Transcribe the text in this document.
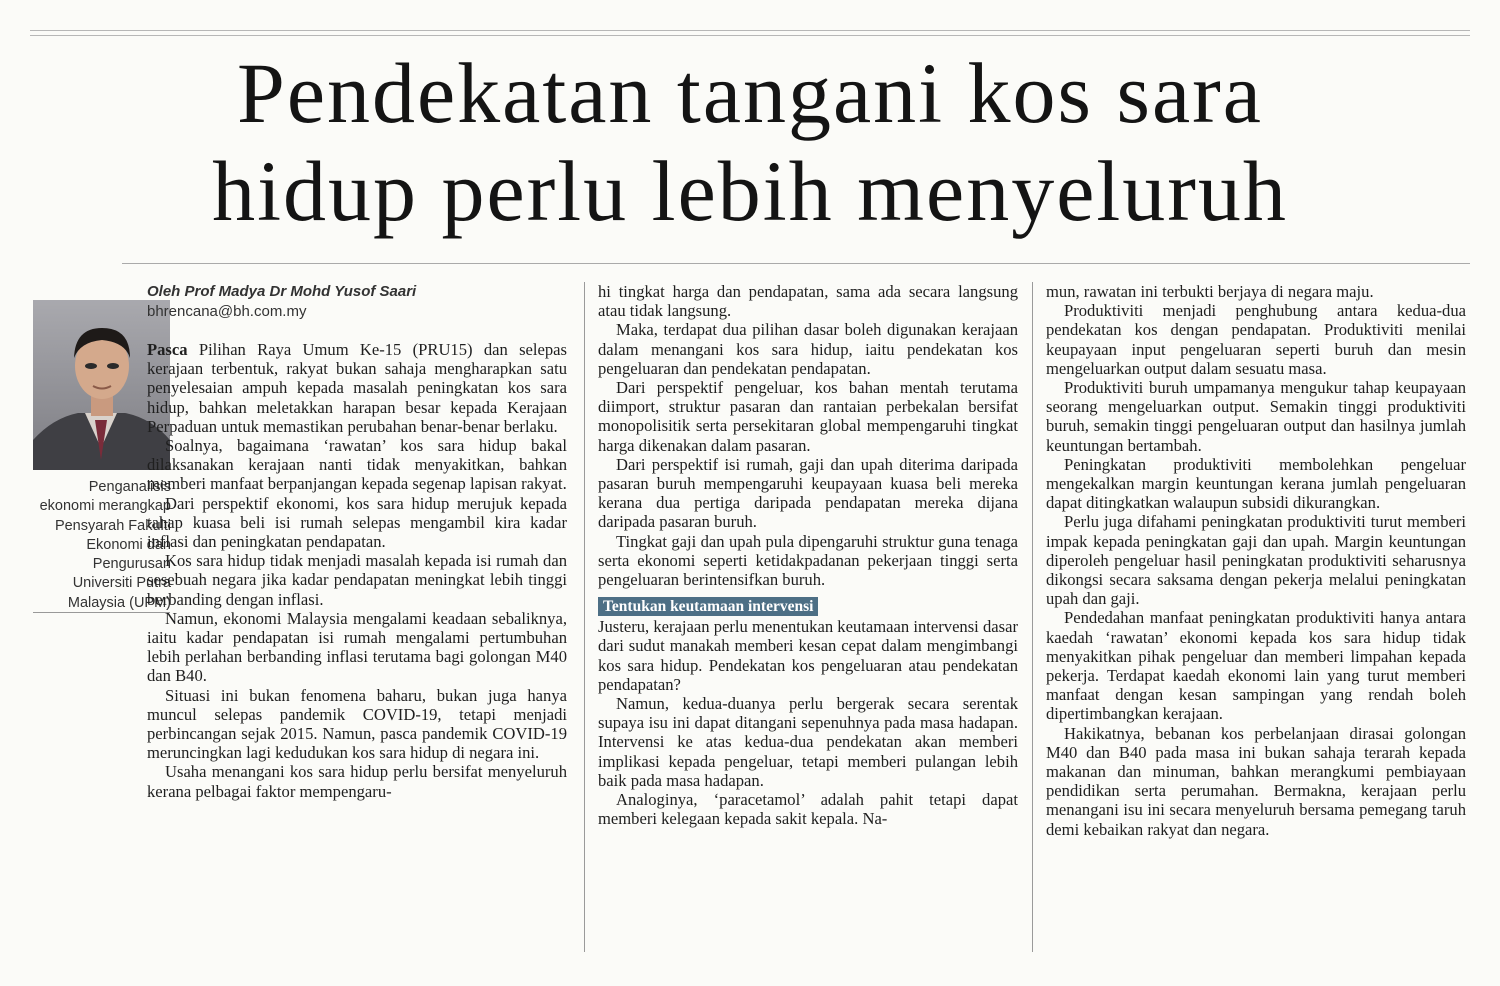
Pendekatan tangani kos sara
hidup perlu lebih menyeluruh
Penganalisis
ekonomi merangkap
Pensyarah Fakulti
Ekonomi dan
Pengurusan
Universiti Putra
Malaysia (UPM)
Oleh Prof Madya Dr Mohd Yusof Saari
bhrencana@bh.com.my

Pasca Pilihan Raya Umum Ke-15 (PRU15) dan selepas kerajaan terbentuk, rakyat bukan sahaja mengharapkan satu penyelesaian ampuh kepada masalah peningkatan kos sara hidup, bahkan meletakkan harapan besar kepada Kerajaan Perpaduan untuk memastikan perubahan benar-benar berlaku.

Soalnya, bagaimana ‘rawatan’ kos sara hidup bakal dilaksanakan kerajaan nanti tidak menyakitkan, bahkan memberi manfaat berpanjangan kepada segenap lapisan rakyat.

Dari perspektif ekonomi, kos sara hidup merujuk kepada tahap kuasa beli isi rumah selepas mengambil kira kadar inflasi dan peningkatan pendapatan.

Kos sara hidup tidak menjadi masalah kepada isi rumah dan sesebuah negara jika kadar pendapatan meningkat lebih tinggi berbanding dengan inflasi.

Namun, ekonomi Malaysia mengalami keadaan sebaliknya, iaitu kadar pendapatan isi rumah mengalami pertumbuhan lebih perlahan berbanding inflasi terutama bagi golongan M40 dan B40.

Situasi ini bukan fenomena baharu, bukan juga hanya muncul selepas pandemik COVID-19, tetapi menjadi perbincangan sejak 2015. Namun, pasca pandemik COVID-19 meruncingkan lagi kedudukan kos sara hidup di negara ini.

Usaha menangani kos sara hidup perlu bersifat menyeluruh kerana pelbagai faktor mempengaru-

hi tingkat harga dan pendapatan, sama ada secara langsung atau tidak langsung.

Maka, terdapat dua pilihan dasar boleh digunakan kerajaan dalam menangani kos sara hidup, iaitu pendekatan kos pengeluaran dan pendekatan pendapatan.

Dari perspektif pengeluar, kos bahan mentah terutama diimport, struktur pasaran dan rantaian perbekalan bersifat monopolisitik serta persekitaran global mempengaruhi tingkat harga dikenakan dalam pasaran.

Dari perspektif isi rumah, gaji dan upah diterima daripada pasaran buruh mempengaruhi keupayaan kuasa beli mereka kerana dua pertiga daripada pendapatan mereka dijana daripada pasaran buruh.

Tingkat gaji dan upah pula dipengaruhi struktur guna tenaga serta ekonomi seperti ketidakpadanan pekerjaan tinggi serta pengeluaran berintensifkan buruh.

Tentukan keutamaan intervensi

Justeru, kerajaan perlu menentukan keutamaan intervensi dasar dari sudut manakah memberi kesan cepat dalam mengimbangi kos sara hidup. Pendekatan kos pengeluaran atau pendekatan pendapatan?

Namun, kedua-duanya perlu bergerak secara serentak supaya isu ini dapat ditangani sepenuhnya pada masa hadapan. Intervensi ke atas kedua-dua pendekatan akan memberi implikasi kepada pengeluar, tetapi memberi pulangan lebih baik pada masa hadapan.

Analoginya, ‘paracetamol’ adalah pahit tetapi dapat memberi kelegaan kepada sakit kepala. Na-

mun, rawatan ini terbukti berjaya di negara maju.

Produktiviti menjadi penghubung antara kedua-dua pendekatan kos dengan pendapatan. Produktiviti menilai keupayaan input pengeluaran seperti buruh dan mesin mengeluarkan output dalam sesuatu masa.

Produktiviti buruh umpamanya mengukur tahap keupayaan seorang mengeluarkan output. Semakin tinggi produktiviti buruh, semakin tinggi pengeluaran output dan hasilnya jumlah keuntungan bertambah.

Peningkatan produktiviti membolehkan pengeluar mengekalkan margin keuntungan kerana jumlah pengeluaran dapat ditingkatkan walaupun subsidi dikurangkan.

Perlu juga difahami peningkatan produktiviti turut memberi impak kepada peningkatan gaji dan upah. Margin keuntungan diperoleh pengeluar hasil peningkatan produktiviti seharusnya dikongsi secara saksama dengan pekerja melalui peningkatan upah dan gaji.

Pendedahan manfaat peningkatan produktiviti hanya antara kaedah ‘rawatan’ ekonomi kepada kos sara hidup tidak menyakitkan pihak pengeluar dan memberi limpahan kepada pekerja. Terdapat kaedah ekonomi lain yang turut memberi manfaat dengan kesan sampingan yang rendah boleh dipertimbangkan kerajaan.

Hakikatnya, bebanan kos perbelanjaan dirasai golongan M40 dan B40 pada masa ini bukan sahaja terarah kepada makanan dan minuman, bahkan merangkumi pembiayaan pendidikan serta perumahan. Bermakna, kerajaan perlu menangani isu ini secara menyeluruh bersama pemegang taruh demi kebaikan rakyat dan negara.
